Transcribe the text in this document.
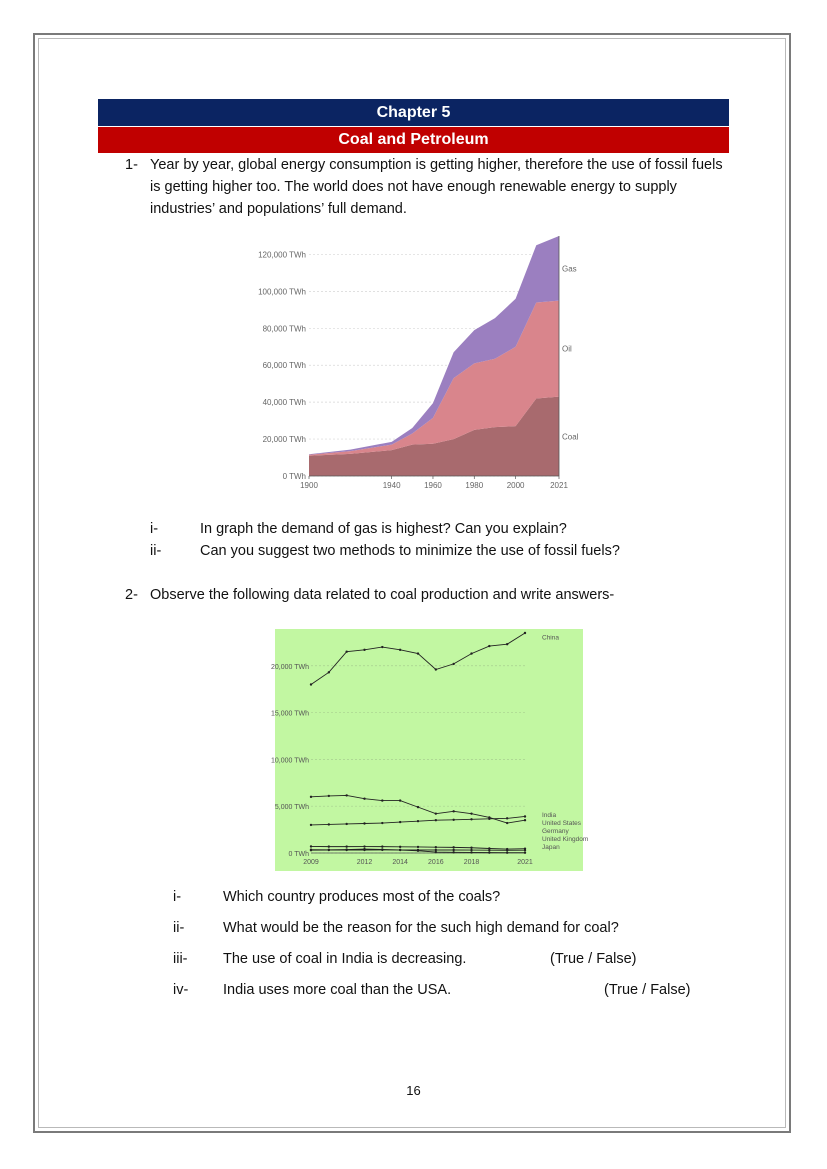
Chapter 5
Coal and Petroleum
1- Year by year, global energy consumption is getting higher, therefore the use of fossil fuels is getting higher too. The world does not have enough renewable energy to supply industries’ and populations’ full demand.
0 TWh
20,000 TWh
40,000 TWh
60,000 TWh
80,000 TWh
100,000 TWh
120,000 TWh
1900	1940	1960	1980	2000	2021
Coal
Oil
Gas
i-	In graph the demand of gas is highest? Can you explain?
ii-	Can you suggest two methods to minimize the use of fossil fuels?
2- Observe the following data related to coal production and write answers-
0 TWh
5,000 TWh
10,000 TWh
15,000 TWh
20,000 TWh
2009	2012	2014	2016	2018	2021
China
India
United States
Germany
United Kingdom
Japan
i-	Which country produces most of the coals?
ii-	What would be the reason for the such high demand for coal?
iii- The use of coal in India is decreasing.	(True / False)
iv- India uses more coal than the USA.	(True / False)
16
